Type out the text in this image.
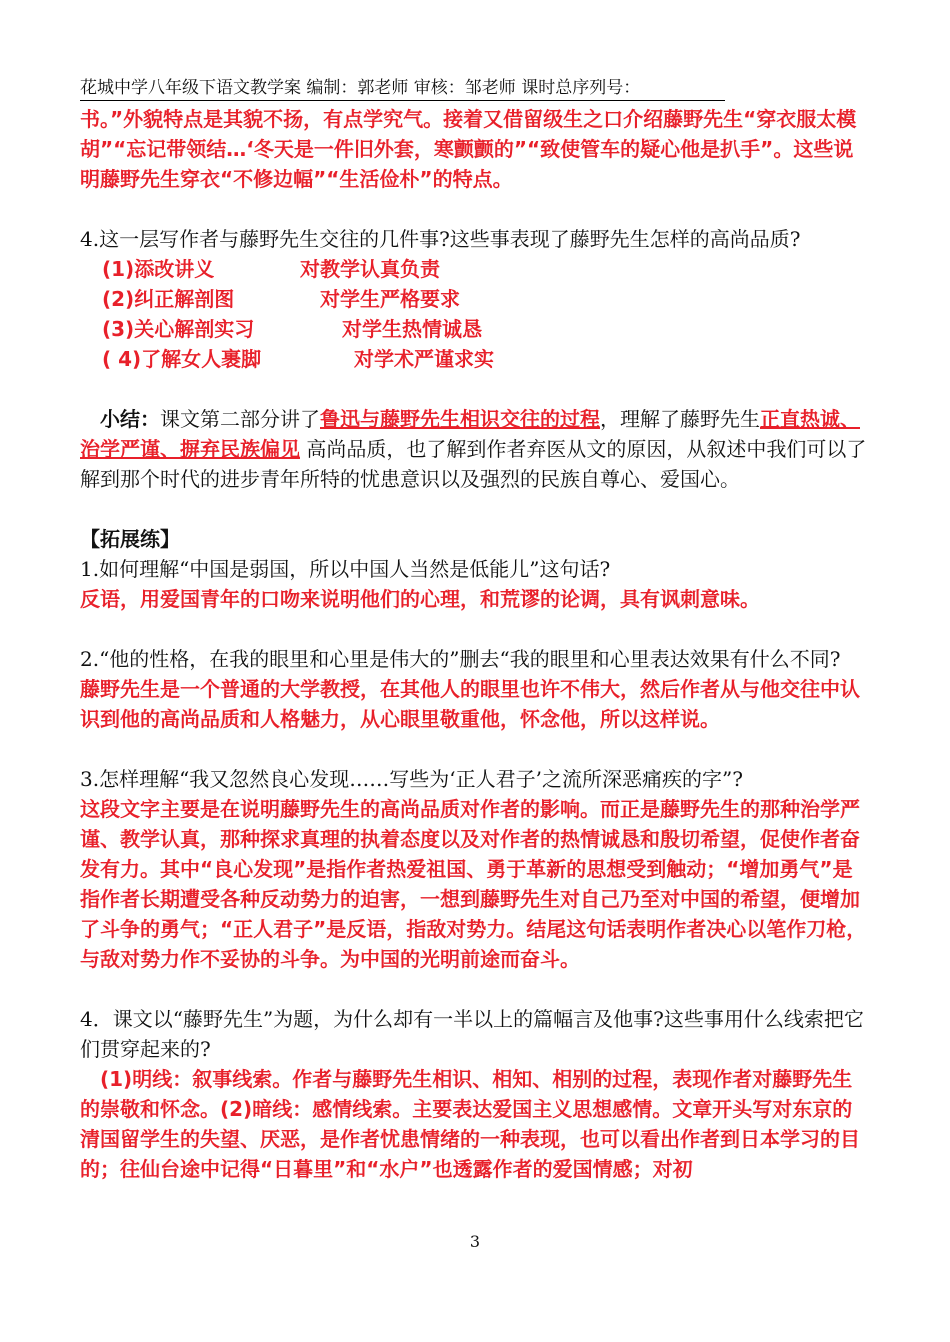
花城中学八年级下语文教学案 编制：郭老师 审核：邹老师 课时总序列号：

书。”外貌特点是其貌不扬，有点学究气。接着又借留级生之口介绍藤野先生“穿衣服太模胡”“忘记带领结…‘冬天是一件旧外套，寒颤颤的”“致使管车的疑心他是扒手”。这些说明藤野先生穿衣“不修边幅”“生活俭朴”的特点。

4.这一层写作者与藤野先生交往的几件事?这些事表现了藤野先生怎样的高尚品质?

(1)添改讲义	对教学认真负责
(2)纠正解剖图	对学生严格要求
(3)关心解剖实习	对学生热情诚恳
( 4)了解女人裹脚	对学术严谨求实

小结：课文第二部分讲了鲁迅与藤野先生相识交往的过程，理解了藤野先生正直热诚、治学严谨、摒弃民族偏见 高尚品质，也了解到作者弃医从文的原因，从叙述中我们可以了解到那个时代的进步青年所特的忧患意识以及强烈的民族自尊心、爱国心。

【拓展练】

1.如何理解“中国是弱国，所以中国人当然是低能儿”这句话?

反语，用爱国青年的口吻来说明他们的心理，和荒谬的论调，具有讽刺意味。

2.“他的性格，在我的眼里和心里是伟大的”删去“我的眼里和心里表达效果有什么不同?

藤野先生是一个普通的大学教授，在其他人的眼里也许不伟大，然后作者从与他交往中认识到他的高尚品质和人格魅力，从心眼里敬重他，怀念他，所以这样说。

3.怎样理解“我又忽然良心发现……写些为‘正人君子’之流所深恶痛疾的字”?

这段文字主要是在说明藤野先生的高尚品质对作者的影响。而正是藤野先生的那种治学严谨、教学认真，那种探求真理的执着态度以及对作者的热情诚恳和殷切希望，促使作者奋发有力。其中“良心发现”是指作者热爱祖国、勇于革新的思想受到触动；“增加勇气”是指作者长期遭受各种反动势力的迫害，一想到藤野先生对自己乃至对中国的希望，便增加了斗争的勇气；“正人君子”是反语，指敌对势力。结尾这句话表明作者决心以笔作刀枪，与敌对势力作不妥协的斗争。为中国的光明前途而奋斗。

4．课文以“藤野先生”为题，为什么却有一半以上的篇幅言及他事?这些事用什么线索把它们贯穿起来的?

(1)明线：叙事线索。作者与藤野先生相识、相知、相别的过程，表现作者对藤野先生的崇敬和怀念。(2)暗线：感情线索。主要表达爱国主义思想感情。文章开头写对东京的清国留学生的失望、厌恶，是作者忧患情绪的一种表现，也可以看出作者到日本学习的目的；往仙台途中记得“日暮里”和“水户”也透露作者的爱国情感；对初

3
